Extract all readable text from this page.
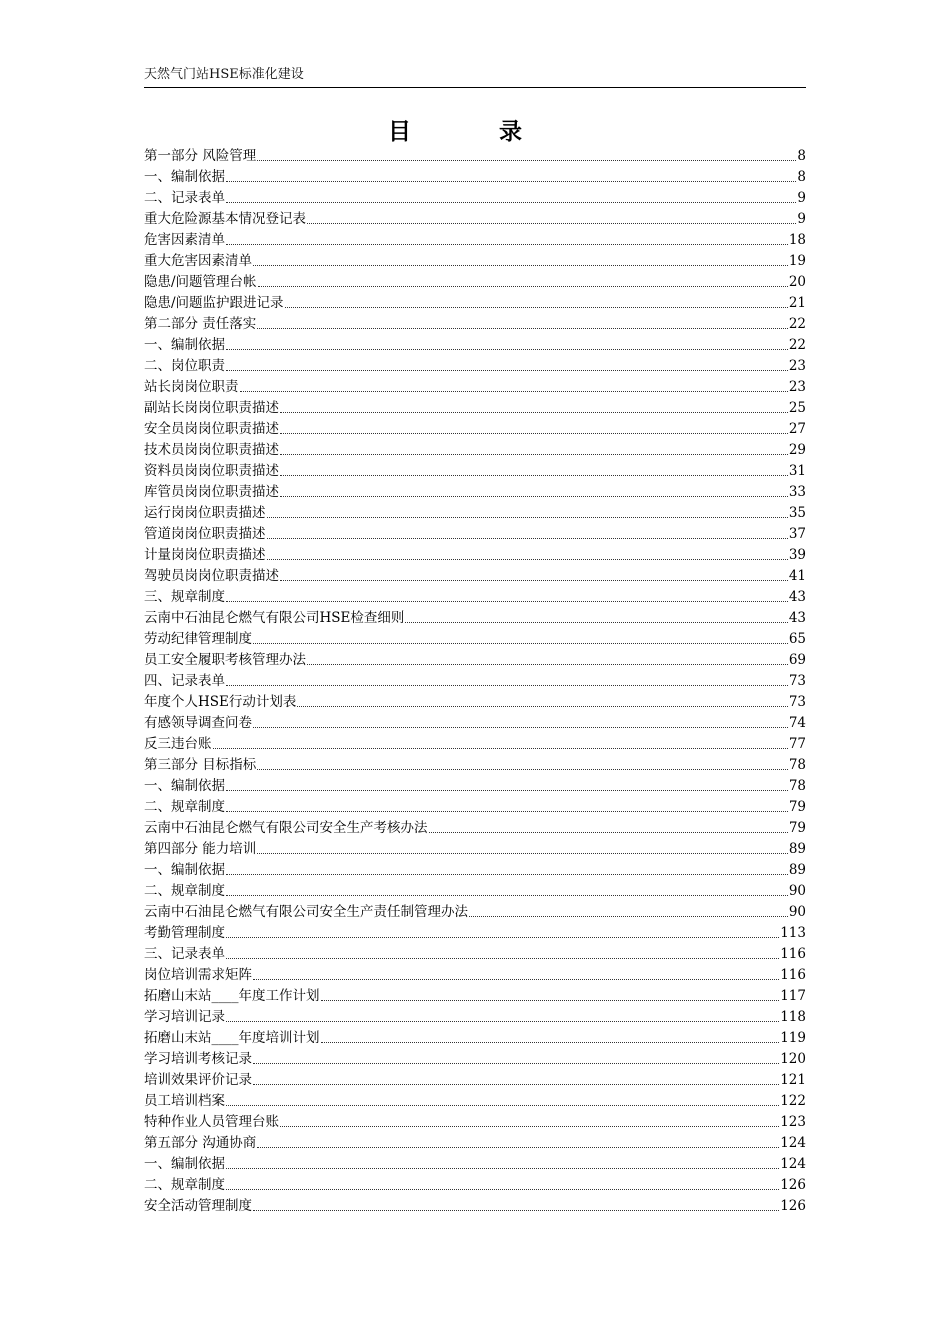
天然气门站HSE标准化建设
目 录
第一部分 风险管理	8
一、编制依据	8
二、记录表单	9
重大危险源基本情况登记表	9
危害因素清单	18
重大危害因素清单	19
隐患/问题管理台帐	20
隐患/问题监护跟进记录	21
第二部分 责任落实	22
一、编制依据	22
二、岗位职责	23
站长岗岗位职责	23
副站长岗岗位职责描述	25
安全员岗岗位职责描述	27
技术员岗岗位职责描述	29
资料员岗岗位职责描述	31
库管员岗岗位职责描述	33
运行岗岗位职责描述	35
管道岗岗位职责描述	37
计量岗岗位职责描述	39
驾驶员岗岗位职责描述	41
三、规章制度	43
云南中石油昆仑燃气有限公司HSE检查细则	43
劳动纪律管理制度	65
员工安全履职考核管理办法	69
四、记录表单	73
年度个人HSE行动计划表	73
有感领导调查问卷	74
反三违台账	77
第三部分 目标指标	78
一、编制依据	78
二、规章制度	79
云南中石油昆仑燃气有限公司安全生产考核办法	79
第四部分 能力培训	89
一、编制依据	89
二、规章制度	90
云南中石油昆仑燃气有限公司安全生产责任制管理办法	90
考勤管理制度	113
三、记录表单	116
岗位培训需求矩阵	116
拓磨山末站____年度工作计划	117
学习培训记录	118
拓磨山末站____年度培训计划	119
学习培训考核记录	120
培训效果评价记录	121
员工培训档案	122
特种作业人员管理台账	123
第五部分 沟通协商	124
一、编制依据	124
二、规章制度	126
安全活动管理制度	126
